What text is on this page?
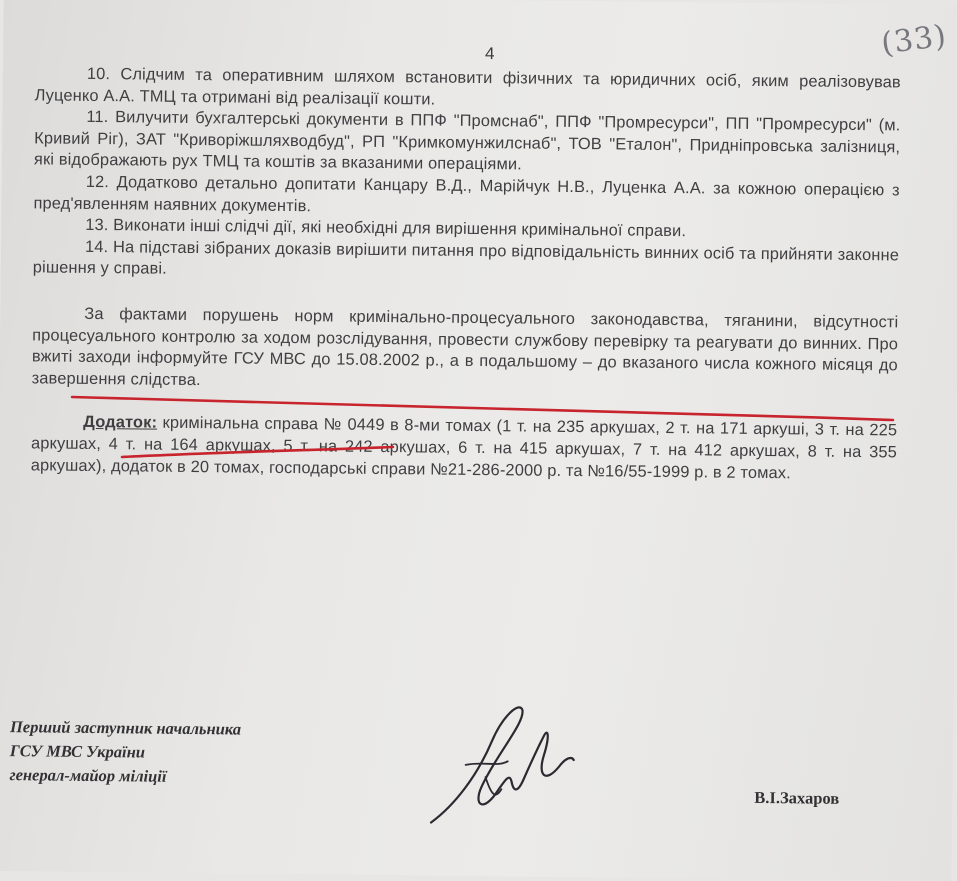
4	(33)

10. Слідчим та оперативним шляхом встановити фізичних та юридичних осіб, яким реалізовував Луценко А.А. ТМЦ та отримані від реалізації кошти.

11. Вилучити бухгалтерські документи в ППФ "Промснаб", ППФ "Промресурси", ПП "Промресурси" (м. Кривий Ріг), ЗАТ "Криворіжшляхводбуд", РП "Кримкомунжилснаб", ТОВ "Еталон", Придніпровська залізниця, які відображають рух ТМЦ та коштів за вказаними операціями.

12. Додатково детально допитати Канцару В.Д., Марійчук Н.В., Луценка А.А. за кожною операцією з пред'явленням наявних документів.

13. Виконати інші слідчі дії, які необхідні для вирішення кримінальної справи.

14. На підставі зібраних доказів вирішити питання про відповідальність винних осіб та прийняти законне рішення у справі.

За фактами порушень норм кримінально-процесуального законодавства, тяганини, відсутності процесуального контролю за ходом розслідування, провести службову перевірку та реагувати до винних. Про вжиті заходи інформуйте ГСУ МВС до 15.08.2002 р., а в подальшому – до вказаного числа кожного місяця до завершення слідства.

Додаток: кримінальна справа № 0449 в 8-ми томах (1 т. на 235 аркушах, 2 т. на 171 аркуші, 3 т. на 225 аркушах, 4 т. на 164 аркушах, 5 т. на 242 аркушах, 6 т. на 415 аркушах, 7 т. на 412 аркушах, 8 т. на 355 аркушах), додаток в 20 томах, господарські справи №21-286-2000 р. та №16/55-1999 р. в 2 томах.

Перший заступник начальника
ГСУ МВС України
генерал-майор міліції
В.І.Захаров
